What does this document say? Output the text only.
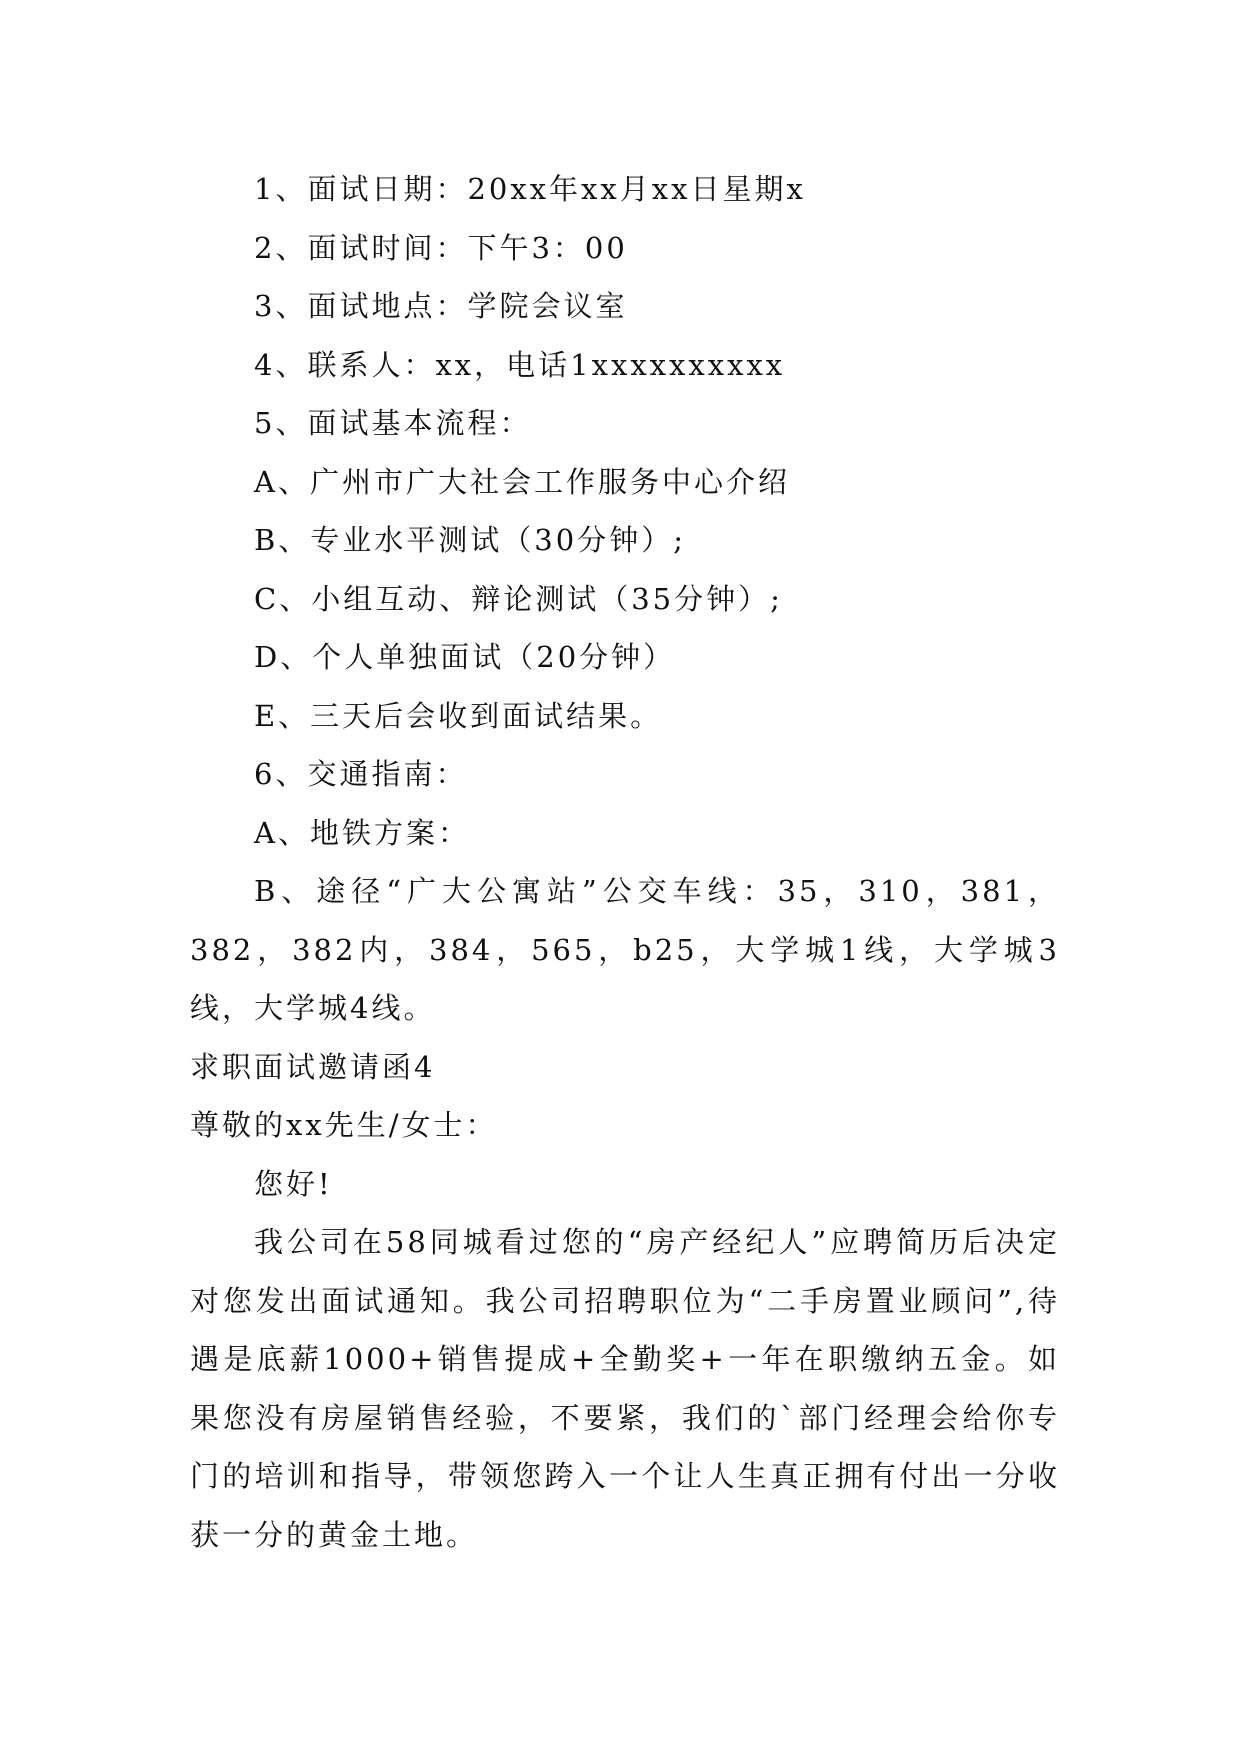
1、面试日期：20xx年xx月xx日星期x
2、面试时间：下午3：00
3、面试地点：学院会议室
4、联系人：xx，电话1xxxxxxxxxx
5、面试基本流程：
A、广州市广大社会工作服务中心介绍
B、专业水平测试（30分钟）;
C、小组互动、辩论测试（35分钟）;
D、个人单独面试（20分钟）
E、三天后会收到面试结果。
6、交通指南：
A、地铁方案：
B、途径“广大公寓站”公交车线：35，310，381，382，382内，384，565，b25，大学城1线，大学城3线，大学城4线。
求职面试邀请函4
尊敬的xx先生/女士：
您好!
我公司在58同城看过您的“房产经纪人”应聘简历后决定对您发出面试通知。我公司招聘职位为“二手房置业顾问”,待遇是底薪1000+销售提成+全勤奖+一年在职缴纳五金。如果您没有房屋销售经验，不要紧，我们的`部门经理会给你专门的培训和指导，带领您跨入一个让人生真正拥有付出一分收获一分的黄金土地。
